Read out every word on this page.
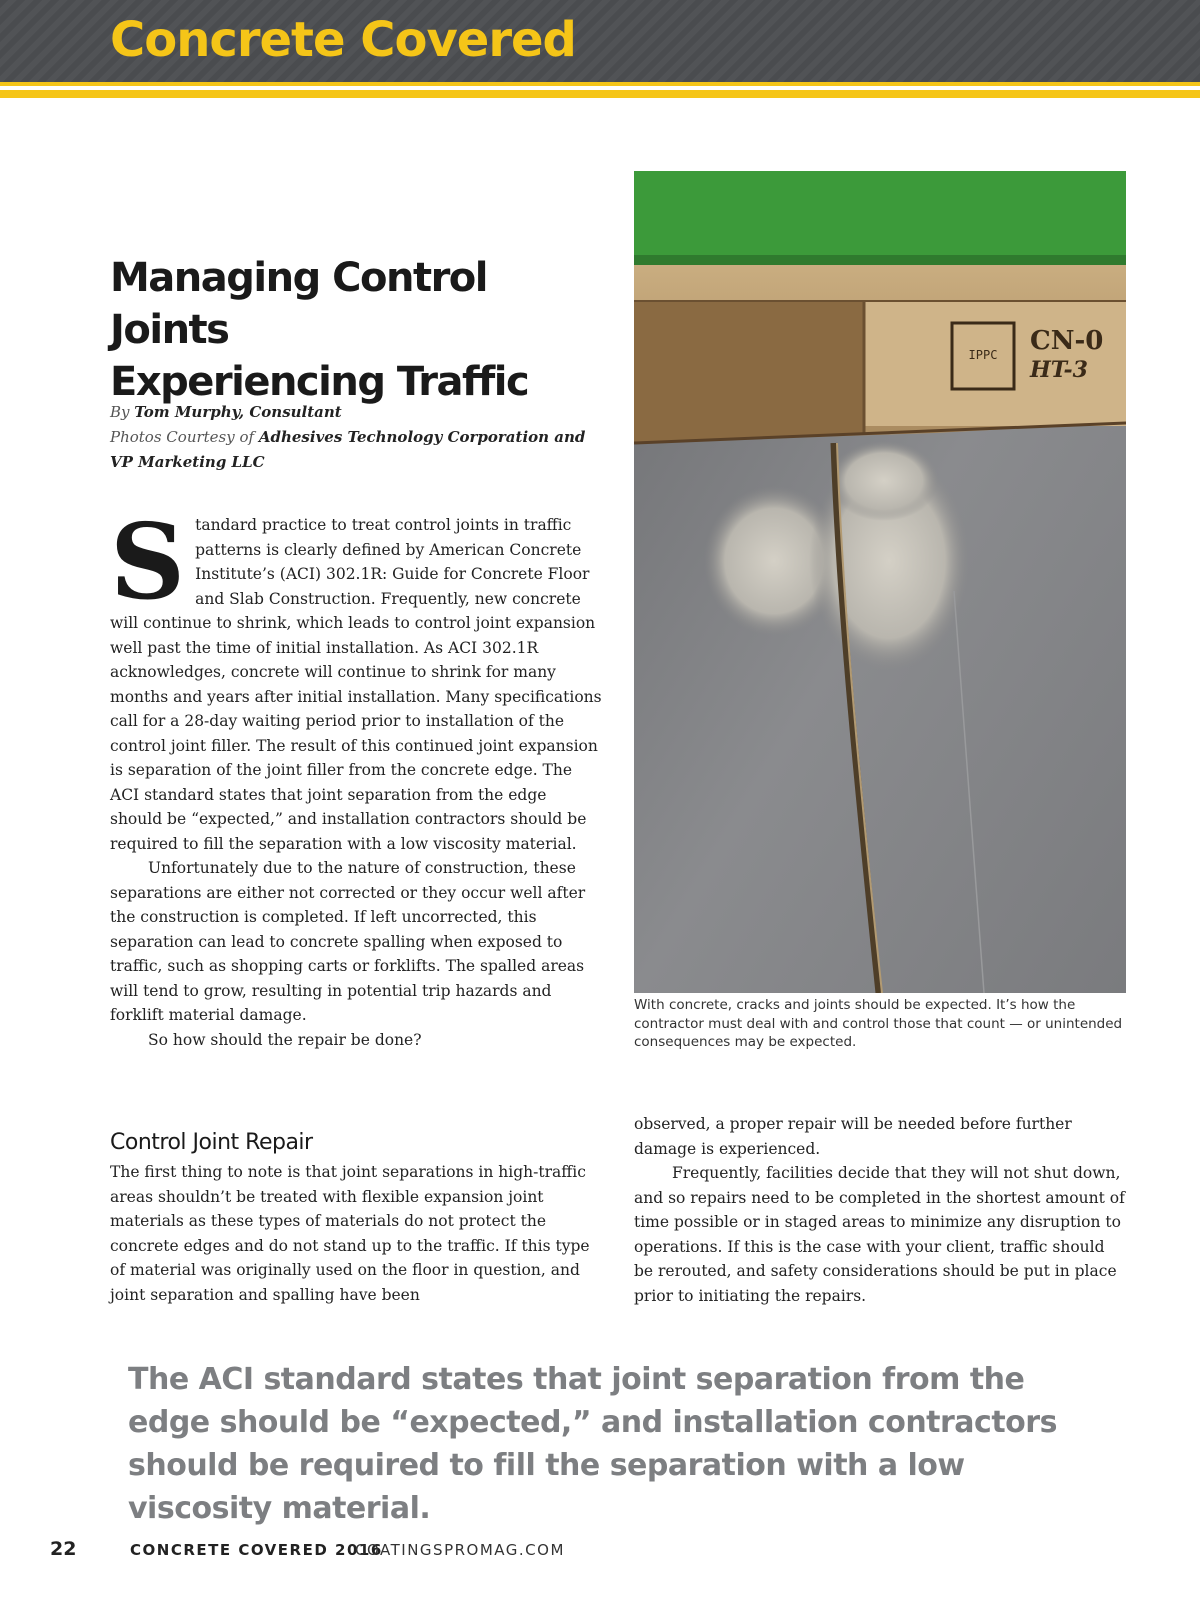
Concrete Covered
Managing Control Joints
Experiencing Traffic
By Tom Murphy, Consultant
Photos Courtesy of Adhesives Technology Corporation and VP Marketing LLC

Standard practice to treat control joints in traffic patterns is clearly defined by American Concrete Institute’s (ACI) 302.1R: Guide for Concrete Floor and Slab Construction. Frequently, new concrete will continue to shrink, which leads to control joint expansion well past the time of initial installation. As ACI 302.1R acknowledges, concrete will continue to shrink for many months and years after initial installation. Many specifications call for a 28-day waiting period prior to installation of the control joint filler. The result of this continued joint expansion is separation of the joint filler from the concrete edge. The ACI standard states that joint separation from the edge should be “expected,” and installation contractors should be required to fill the separation with a low viscosity material.

Unfortunately due to the nature of construction, these separations are either not corrected or they occur well after the construction is completed. If left uncorrected, this separation can lead to concrete spalling when exposed to traffic, such as shopping carts or forklifts. The spalled areas will tend to grow, resulting in potential trip hazards and forklift material damage.

So how should the repair be done?

Control Joint Repair

The first thing to note is that joint separations in high-traffic areas shouldn’t be treated with flexible expansion joint materials as these types of materials do not protect the concrete edges and do not stand up to the traffic. If this type of material was originally used on the floor in question, and joint separation and spalling have been

observed, a proper repair will be needed before further damage is experienced.

Frequently, facilities decide that they will not shut down, and so repairs need to be completed in the shortest amount of time possible or in staged areas to minimize any disruption to operations. If this is the case with your client, traffic should be rerouted, and safety considerations should be put in place prior to initiating the repairs.

IPPC CN-0
HT-3
With concrete, cracks and joints should be expected. It’s how the contractor must deal with and control those that count — or unintended consequences may be expected.
The ACI standard states that joint separation from the edge should be “expected,” and installation contractors should be required to fill the separation with a low viscosity material.
22	CONCRETE COVERED 2016
COATINGSPROMAG.COM
